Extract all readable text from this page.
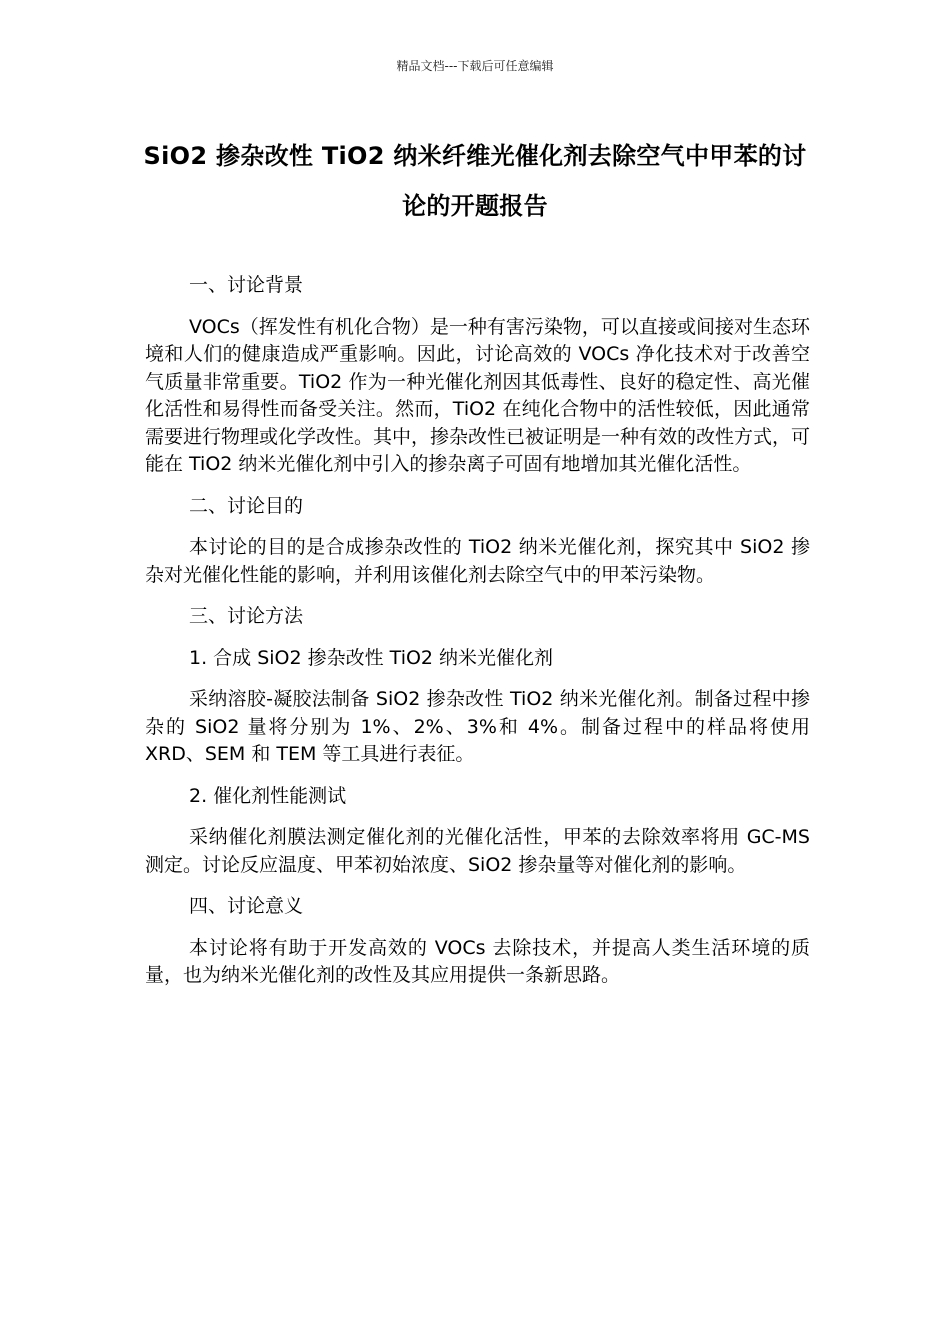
精品文档---下载后可任意编辑
SiO2 掺杂改性 TiO2 纳米纤维光催化剂去除空气中甲苯的讨论的开题报告

一、讨论背景

VOCs（挥发性有机化合物）是一种有害污染物，可以直接或间接对生态环境和人们的健康造成严重影响。因此，讨论高效的 VOCs 净化技术对于改善空气质量非常重要。TiO2 作为一种光催化剂因其低毒性、良好的稳定性、高光催化活性和易得性而备受关注。然而，TiO2 在纯化合物中的活性较低，因此通常需要进行物理或化学改性。其中，掺杂改性已被证明是一种有效的改性方式，可能在 TiO2 纳米光催化剂中引入的掺杂离子可固有地增加其光催化活性。

二、讨论目的

本讨论的目的是合成掺杂改性的 TiO2 纳米光催化剂，探究其中 SiO2 掺杂对光催化性能的影响，并利用该催化剂去除空气中的甲苯污染物。

三、讨论方法

1. 合成 SiO2 掺杂改性 TiO2 纳米光催化剂

采纳溶胶-凝胶法制备 SiO2 掺杂改性 TiO2 纳米光催化剂。制备过程中掺杂的 SiO2 量将分别为 1%、2%、3%和 4%。制备过程中的样品将使用 XRD、SEM 和 TEM 等工具进行表征。

2. 催化剂性能测试

采纳催化剂膜法测定催化剂的光催化活性，甲苯的去除效率将用 GC-MS 测定。讨论反应温度、甲苯初始浓度、SiO2 掺杂量等对催化剂的影响。

四、讨论意义

本讨论将有助于开发高效的 VOCs 去除技术，并提高人类生活环境的质量，也为纳米光催化剂的改性及其应用提供一条新思路。
